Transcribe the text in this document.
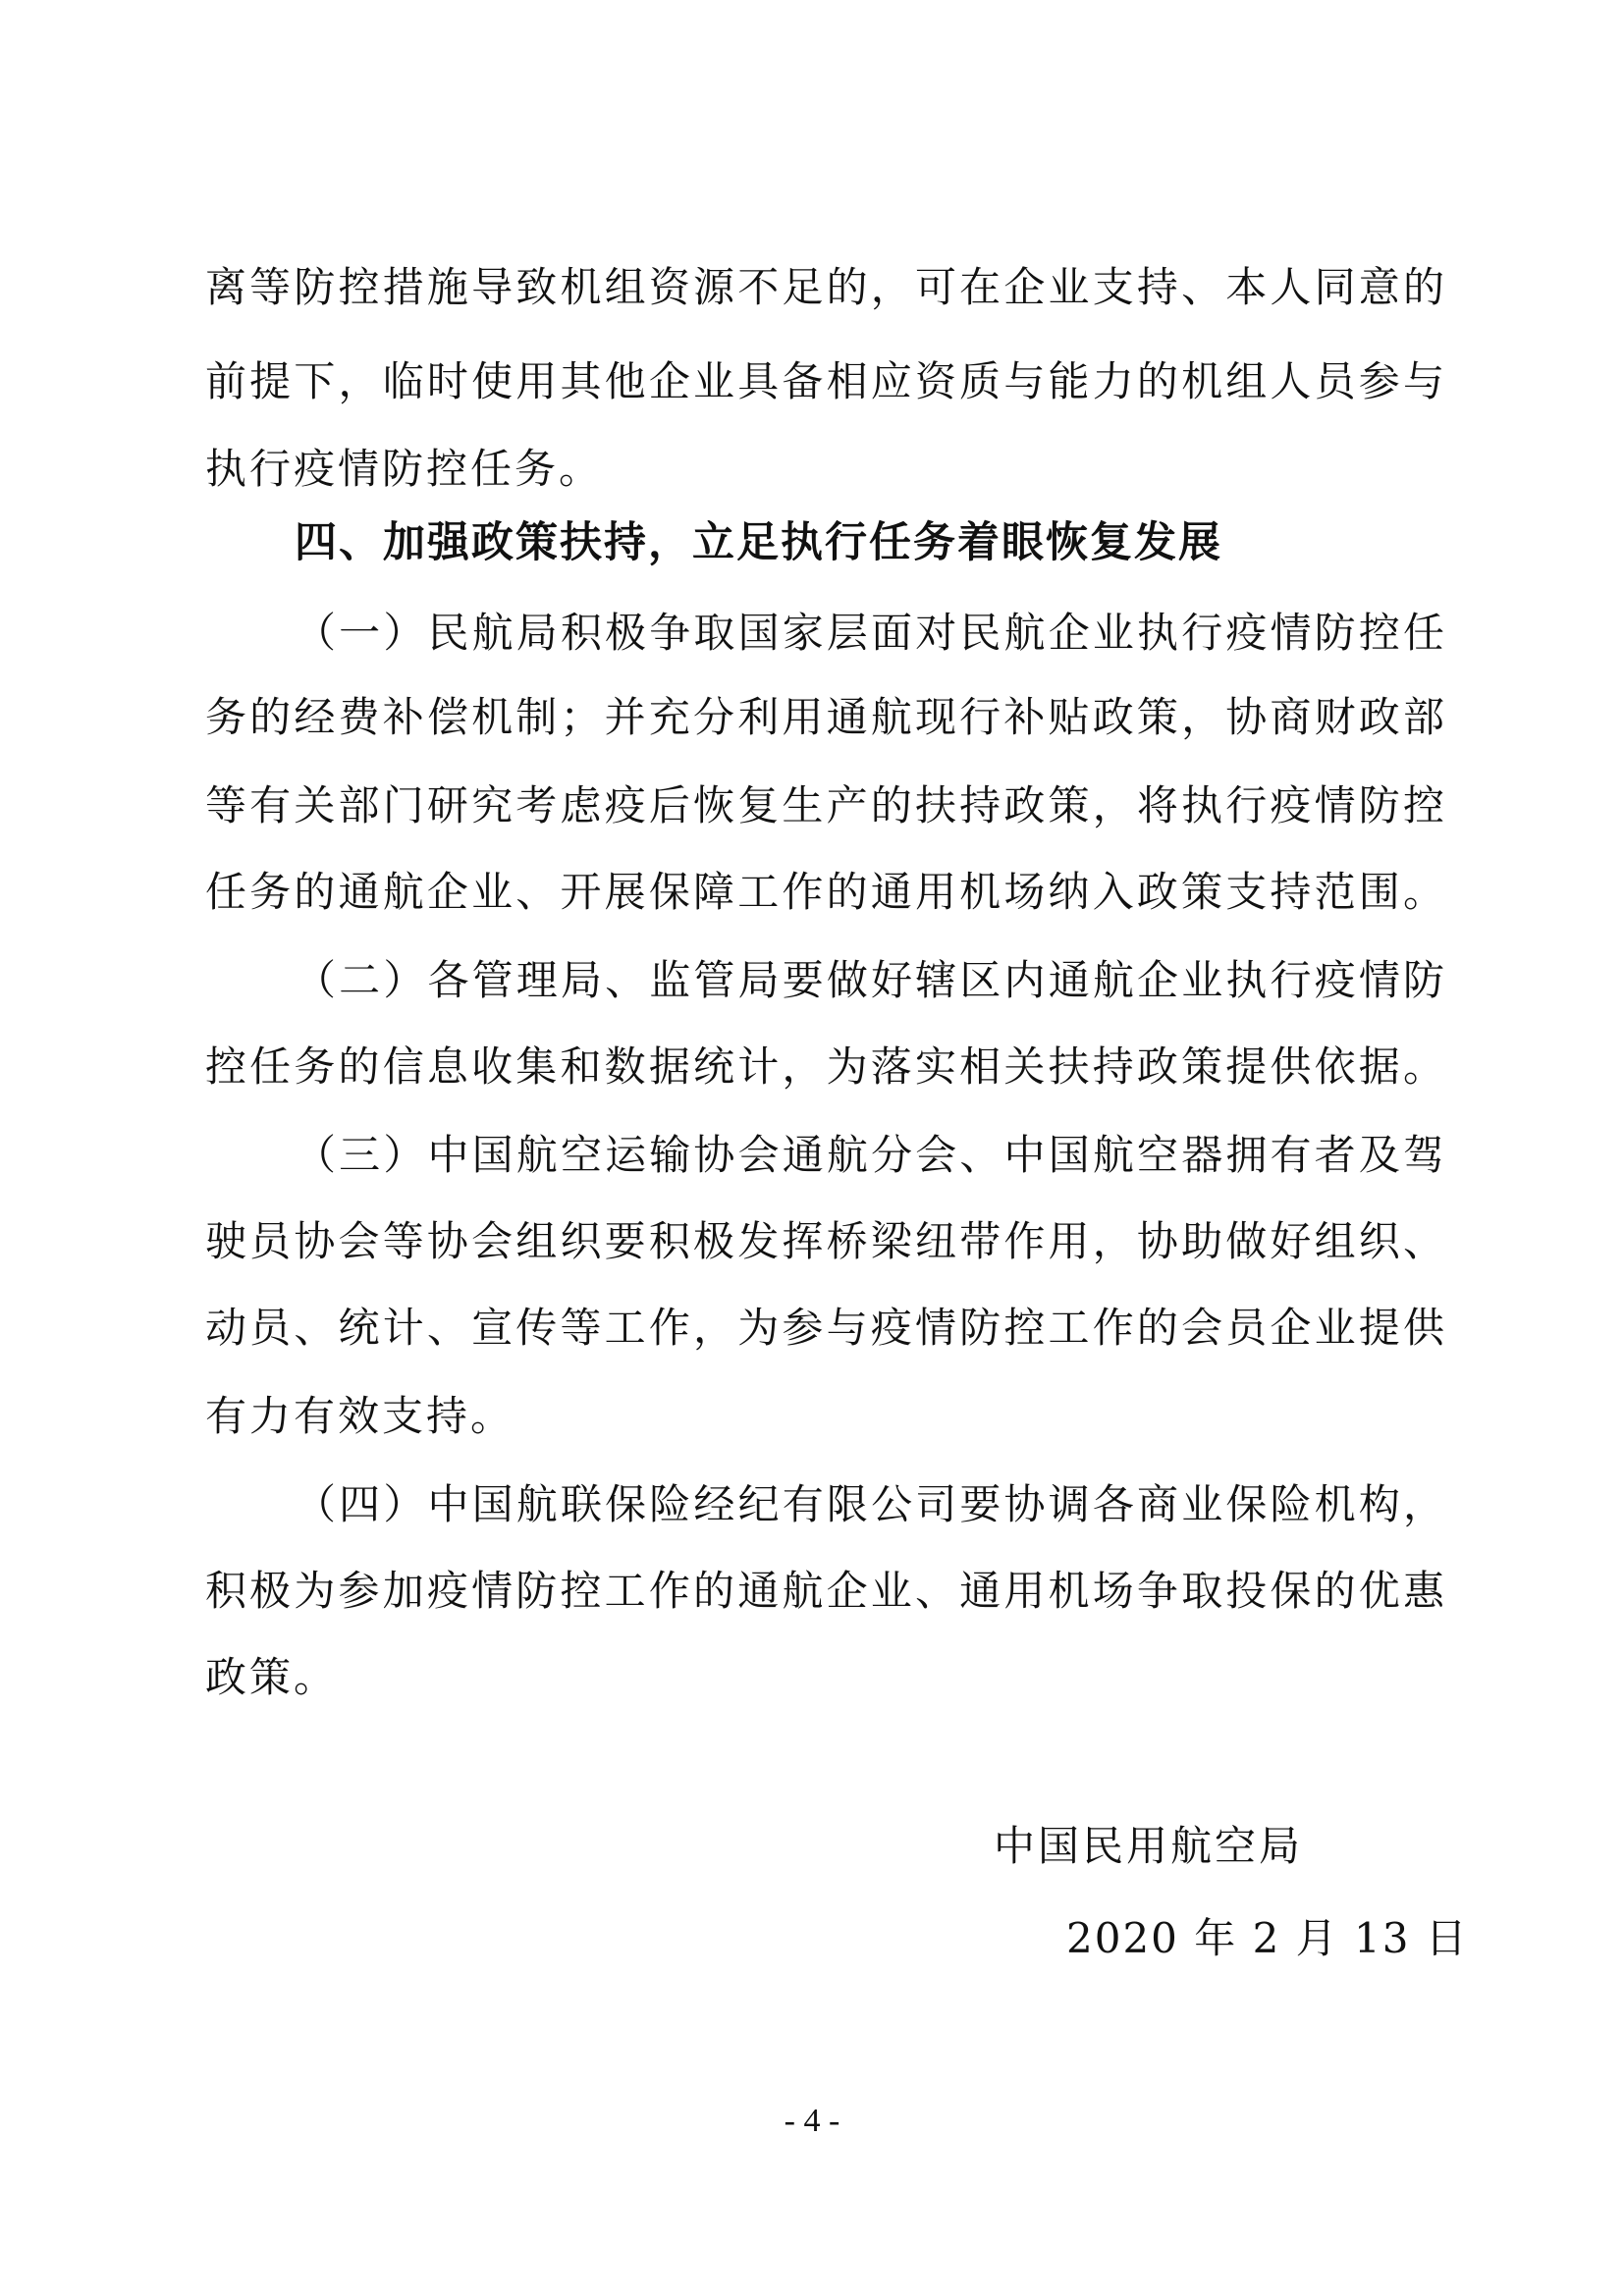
离等防控措施导致机组资源不足的，可在企业支持、本人同意的
前提下，临时使用其他企业具备相应资质与能力的机组人员参与
执行疫情防控任务。
四、加强政策扶持，立足执行任务着眼恢复发展
（一）民航局积极争取国家层面对民航企业执行疫情防控任
务的经费补偿机制；并充分利用通航现行补贴政策，协商财政部
等有关部门研究考虑疫后恢复生产的扶持政策，将执行疫情防控
任务的通航企业、开展保障工作的通用机场纳入政策支持范围。
（二）各管理局、监管局要做好辖区内通航企业执行疫情防
控任务的信息收集和数据统计，为落实相关扶持政策提供依据。
（三）中国航空运输协会通航分会、中国航空器拥有者及驾
驶员协会等协会组织要积极发挥桥梁纽带作用，协助做好组织、
动员、统计、宣传等工作，为参与疫情防控工作的会员企业提供
有力有效支持。
（四）中国航联保险经纪有限公司要协调各商业保险机构，
积极为参加疫情防控工作的通航企业、通用机场争取投保的优惠
政策。
中国民用航空局
2020 年 2 月 13 日
- 4 -
